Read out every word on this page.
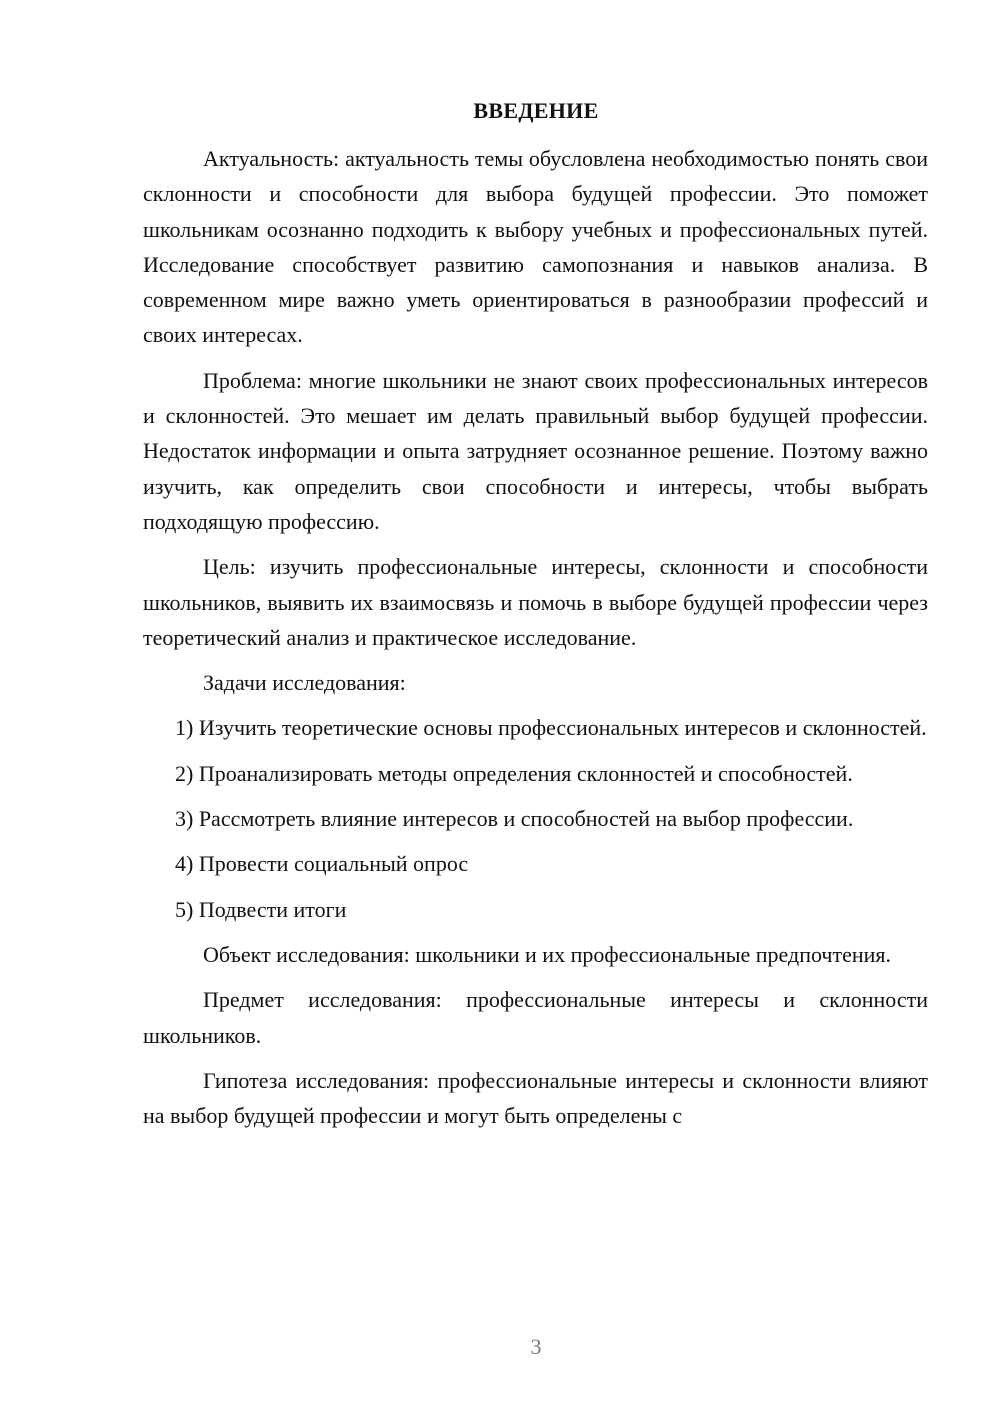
ВВЕДЕНИЕ

Актуальность: актуальность темы обусловлена необходимостью понять свои склонности и способности для выбора будущей профессии. Это поможет школьникам осознанно подходить к выбору учебных и профессиональных путей. Исследование способствует развитию самопознания и навыков анализа. В современном мире важно уметь ориентироваться в разнообразии профессий и своих интересах.

Проблема: многие школьники не знают своих профессиональных интересов и склонностей. Это мешает им делать правильный выбор будущей профессии. Недостаток информации и опыта затрудняет осознанное решение. Поэтому важно изучить, как определить свои способности и интересы, чтобы выбрать подходящую профессию.

Цель: изучить профессиональные интересы, склонности и способности школьников, выявить их взаимосвязь и помочь в выборе будущей профессии через теоретический анализ и практическое исследование.

Задачи исследования:

1) Изучить теоретические основы профессиональных интересов и склонностей.

2) Проанализировать методы определения склонностей и способностей.

3) Рассмотреть влияние интересов и способностей на выбор профессии.

4) Провести социальный опрос

5) Подвести итоги

Объект исследования: школьники и их профессиональные предпочтения.

Предмет исследования: профессиональные интересы и склонности школьников.

Гипотеза исследования: профессиональные интересы и склонности влияют на выбор будущей профессии и могут быть определены с

3
